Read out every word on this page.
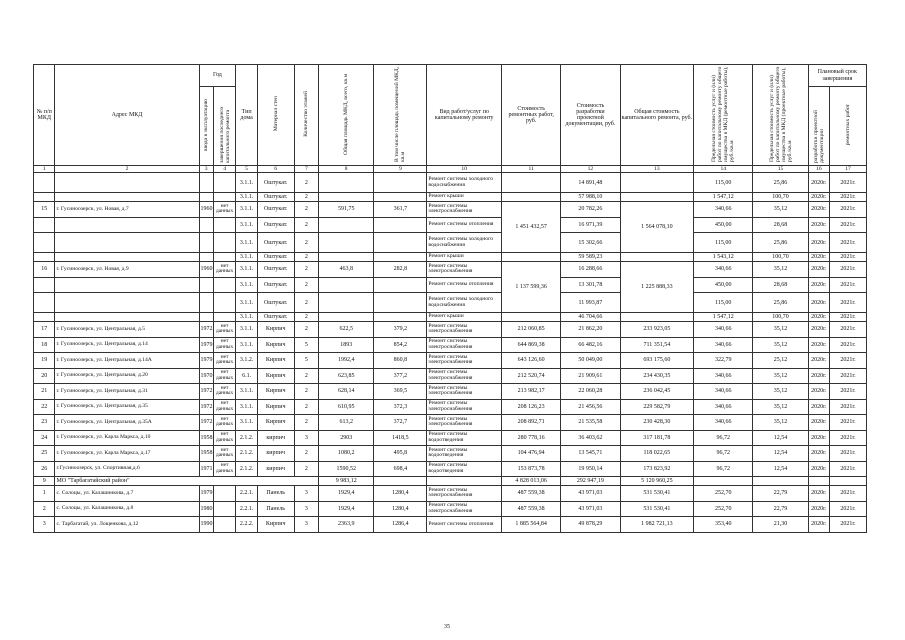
№ п/п МКД	Адрес МКД	Год		Тип дома	Материал стен	Количество этажей	Общая площадь МКД, всего, кв.м	В том числе площадь помещений МКД, кв.м	Вид работ/услуг по капитальному ремонту	Стоимость ремонтных работ, руб.	Стоимость разработки проектной документации, руб.	Общая стоимость капитального ремонта, руб.	Предельная стоимость услуг и (или) работ по капитальному ремонту общего имущества в МКД (ремонтные работы), руб./кв.м	Предельная стоимость услуг и (или) работ по капитальному ремонту общего имущества в МКД (проектные работы), руб./кв.м	Плановый срок завершения	
		ввода в эксплуатацию	завершения последнего капитального ремонта												разработки проектной документации	ремонтных работ
1	2	3	4	5	6	7	8	9	10	11	12	13	14	15	16	17
				3.1.1.	Оштукат.	2			Ремонт системы холодного водоснабжения		14 891,48		115,00	25,86	2020г.	2021г.
				3.1.1.	Оштукат.	2			Ремонт крыши		57 988,10		1 547,12	100,70	2020г.	2021г.
15	г. Гусиноозерск, ул. Новая, д.7	1960	нет данных	3.1.1.	Оштукат.	2	591,75	361,7	Ремонт системы электроснабжения	1 451 432,57	20 782,26	1 564 078,10	340,66	35,12	2020г.	2021г.
				3.1.1.	Оштукат.	2			Ремонт системы отопления		16 971,39		450,00	28,68	2020г.	2021г.
				3.1.1.	Оштукат.	2			Ремонт системы холодного водоснабжения		15 302,66		115,00	25,86	2020г.	2021г.
				3.1.1.	Оштукат.	2			Ремонт крыши		59 589,23		1 543,12	100,70	2020г.	2021г.
16	г. Гусиноозерск, ул. Новая, д.9	1960	нет данных	3.1.1.	Оштукат.	2	463,8	282,8	Ремонт системы электроснабжения	1 137 599,36	16 288,66	1 225 888,33	340,66	35,12	2020г.	2021г.
				3.1.1.	Оштукат.	2			Ремонт системы отопления		13 301,78		450,00	28,68	2020г.	2021г.
				3.1.1.	Оштукат.	2			Ремонт системы холодного водоснабжения		11 993,87		115,00	25,86	2020г.	2021г.
				3.1.1.	Оштукат.	2			Ремонт крыши		46 704,66		1 547,12	100,70	2020г.	2021г.
17	г. Гусиноозерск, ул. Центральная, д.5	1972	нет данных	3.1.1.	Кирпич	2	622,5	379,2	Ремонт системы электроснабжения	212 060,85	21 862,20	233 923,05	340,66	35,12	2020г.	2021г.
18	г. Гусиноозерск, ул. Центральная, д.14	1979	нет данных	3.1.1.	Кирпич	5	1893	854,2	Ремонт системы электроснабжения	644 869,38	66 482,16	711 351,54	340,66	35,12	2020г.	2021г.
19	г. Гусиноозерск, ул. Центральная, д.14А	1979	нет данных	3.1.2.	Кирпич	5	1992,4	860,8	Ремонт системы электроснабжения	643 126,60	50 049,00	693 175,60	322,79	25,12	2020г.	2021г.
20	г. Гусиноозерск, ул. Центральная, д.20	1970	нет данных	6.1.	Кирпич	2	623,85	377,2	Ремонт системы электроснабжения	212 520,74	21 909,61	234 430,35	340,66	35,12	2020г.	2021г.
21	г. Гусиноозерск, ул. Центральная, д.31	1972	нет данных	3.1.1.	Кирпич	2	628,14	369,5	Ремонт системы электроснабжения	213 982,17	22 060,28	236 042,45	340,66	35,12	2020г.	2021г.
22	г. Гусиноозерск, ул. Центральная, д.35	1972	нет данных	3.1.1.	Кирпич	2	610,95	372,3	Ремонт системы электроснабжения	208 126,23	21 456,56	229 582,79	340,66	35,12	2020г.	2021г.
23	г. Гусиноозерск, ул. Центральная, д.35А	1972	нет данных	3.1.1.	Кирпич	2	613,2	372,7	Ремонт системы электроснабжения	208 892,71	21 535,58	230 428,30	340,66	35,12	2020г.	2021г.
24	г. Гусиноозерск, ул. Карла Маркса, д.10	1958	нет данных	2.1.2.	кирпич	3	2903	1418,5	Ремонт системы водоотведения	280 778,16	36 403,62	317 181,78	96,72	12,54	2020г.	2021г.
25	г. Гусиноозерск, ул. Карла Маркса, д.17	1958	нет данных	2.1.2.	кирпич	2	1080,2	495,8	Ремонт системы водоотведения	104 476,94	13 545,71	118 022,65	96,72	12,54	2020г.	2021г.
26	г.Гусиноозерск, ул. Спортивная,д.6	1971	нет данных	2.1.2.	кирпич	2	1590,52	698,4	Ремонт системы водоотведения	153 873,78	19 950,14	173 823,92	96,72	12,54	2020г.	2021г.
9	МО "Тарбагатайский район"						9 983,12			4 828 013,06	292 947,19	5 120 960,25				
1	с. Солоцы, ул. Калашникова, д.7	1979		2.2.1.	Панель	3	1929,4	1280,4	Ремонт системы электроснабжения	487 559,38	43 971,03	531 530,41	252,70	22,79	2020г.	2021г.
2	с. Солоцы, ул. Калашникова, д.8	1980		2.2.1.	Панель	3	1929,4	1280,4	Ремонт системы электроснабжения	487 559,38	43 971,03	531 530,41	252,70	22,79	2020г.	2021г.
3	с. Тарбагатай, ул. Лощенкова, д.12	1990		2.2.2.	Кирпич	3	2363,9	1286,4	Ремонт системы отопления	1 885 564,84	49 878,29	1 982 721,13	353,40	21,30	2020г.	2021г.
35
